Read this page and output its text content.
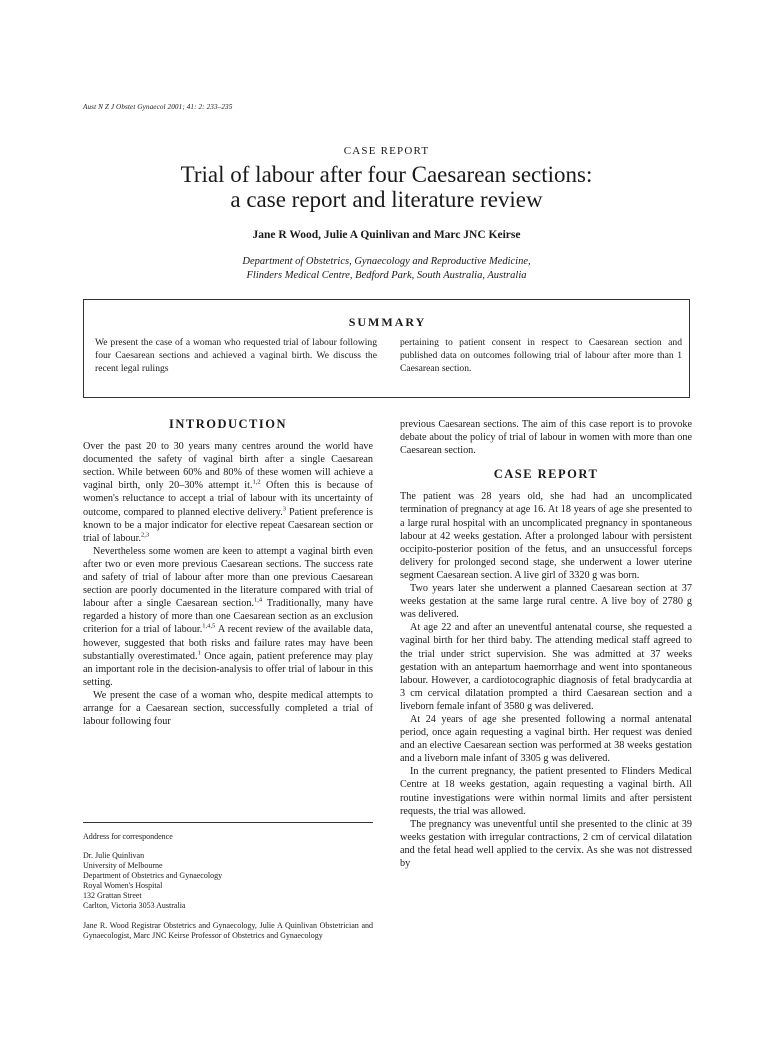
Aust N Z J Obstet Gynaecol 2001; 41: 2: 233–235
CASE REPORT
Trial of labour after four Caesarean sections:
a case report and literature review
Jane R Wood, Julie A Quinlivan and Marc JNC Keirse
Department of Obstetrics, Gynaecology and Reproductive Medicine,
Flinders Medical Centre, Bedford Park, South Australia, Australia
SUMMARY
We present the case of a woman who requested trial of labour following four Caesarean sections and achieved a vaginal birth. We discuss the recent legal rulings
pertaining to patient consent in respect to Caesarean section and published data on outcomes following trial of labour after more than 1 Caesarean section.
INTRODUCTION

Over the past 20 to 30 years many centres around the world have documented the safety of vaginal birth after a single Caesarean section. While between 60% and 80% of these women will achieve a vaginal birth, only 20–30% attempt it.$^{1,2}$ Often this is because of women's reluctance to accept a trial of labour with its uncertainty of outcome, compared to planned elective delivery.$^3$ Patient preference is known to be a major indicator for elective repeat Caesarean section or trial of labour.$^{2,3}$

Nevertheless some women are keen to attempt a vaginal birth even after two or even more previous Caesarean sections. The success rate and safety of trial of labour after more than one previous Caesarean section are poorly documented in the literature compared with trial of labour after a single Caesarean section.$^{1,4}$ Traditionally, many have regarded a history of more than one Caesarean section as an exclusion criterion for a trial of labour.$^{1,4,5}$ A recent review of the available data, however, suggested that both risks and failure rates may have been substantially overestimated.$^1$ Once again, patient preference may play an important role in the decision-analysis to offer trial of labour in this setting.

We present the case of a woman who, despite medical attempts to arrange for a Caesarean section, successfully completed a trial of labour following four

Address for correspondence
Dr. Julie Quinlivan
University of Melbourne
Department of Obstetrics and Gynaecology
Royal Women's Hospital
132 Grattan Street
Carlton, Victoria 3053 Australia
Jane R. Wood Registrar Obstetrics and Gynaecology, Julie A Quinlivan Obstetrician and Gynaecologist, Marc JNC Keirse Professor of Obstetrics and Gynaecology

previous Caesarean sections. The aim of this case report is to provoke debate about the policy of trial of labour in women with more than one Caesarean section.

CASE REPORT

The patient was 28 years old, she had had an uncomplicated termination of pregnancy at age 16. At 18 years of age she presented to a large rural hospital with an uncomplicated pregnancy in spontaneous labour at 42 weeks gestation. After a prolonged labour with persistent occipito-posterior position of the fetus, and an unsuccessful forceps delivery for prolonged second stage, she underwent a lower uterine segment Caesarean section. A live girl of 3320 g was born.

Two years later she underwent a planned Caesarean section at 37 weeks gestation at the same large rural centre. A live boy of 2780 g was delivered.

At age 22 and after an uneventful antenatal course, she requested a vaginal birth for her third baby. The attending medical staff agreed to the trial under strict supervision. She was admitted at 37 weeks gestation with an antepartum haemorrhage and went into spontaneous labour. However, a cardiotocographic diagnosis of fetal bradycardia at 3 cm cervical dilatation prompted a third Caesarean section and a liveborn female infant of 3580 g was delivered.

At 24 years of age she presented following a normal antenatal period, once again requesting a vaginal birth. Her request was denied and an elective Caesarean section was performed at 38 weeks gestation and a liveborn male infant of 3305 g was delivered.

In the current pregnancy, the patient presented to Flinders Medical Centre at 18 weeks gestation, again requesting a vaginal birth. All routine investigations were within normal limits and after persistent requests, the trial was allowed.

The pregnancy was uneventful until she presented to the clinic at 39 weeks gestation with irregular contractions, 2 cm of cervical dilatation and the fetal head well applied to the cervix. As she was not distressed by
